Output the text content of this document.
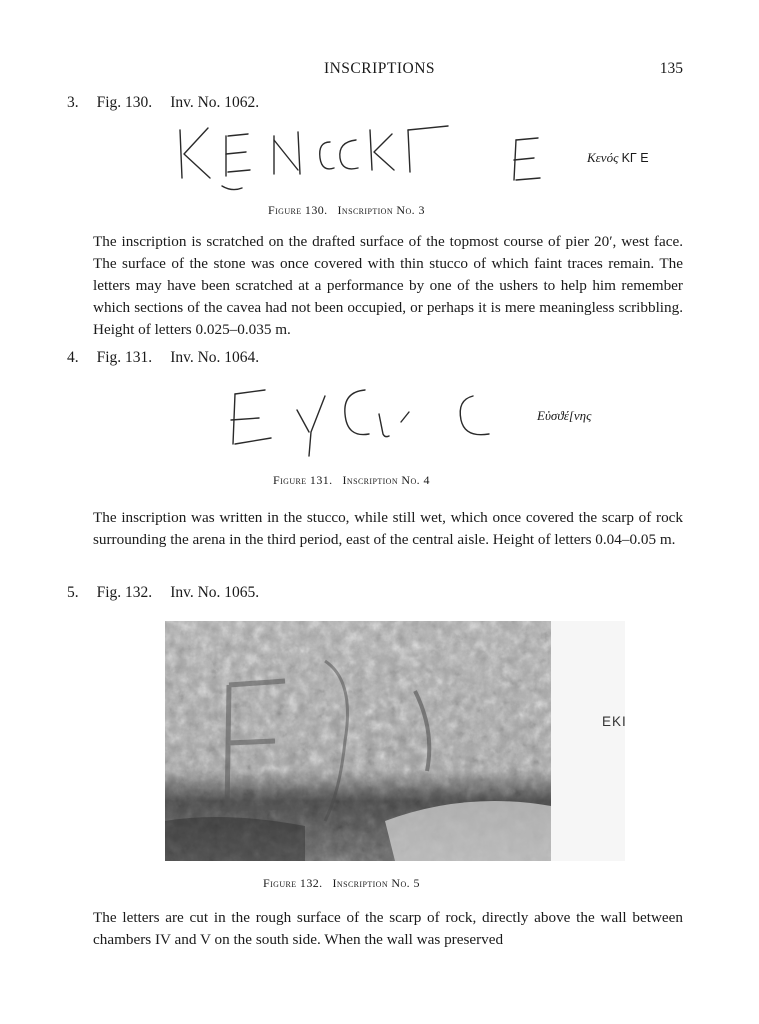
INSCRIPTIONS	135
3. Fig. 130. Inv. No. 1062.
Κενός ΚΓ Ε
Figure 130. Inscription No. 3
The inscription is scratched on the drafted surface of the topmost course of pier 20′, west face. The surface of the stone was once covered with thin stucco of which faint traces remain. The letters may have been scratched at a performance by one of the ushers to help him remember which sections of the cavea had not been occupied, or perhaps it is mere meaningless scribbling. Height of letters 0.025–0.035 m.
4. Fig. 131. Inv. No. 1064.
Εὐσϑέ[νης
Figure 131. Inscription No. 4
The inscription was written in the stucco, while still wet, which once covered the scarp of rock surrounding the arena in the third period, east of the central aisle. Height of letters 0.04–0.05 m.
5. Fig. 132. Inv. No. 1065.
EKI
Figure 132. Inscription No. 5
The letters are cut in the rough surface of the scarp of rock, directly above the wall between chambers IV and V on the south side. When the wall was preserved
